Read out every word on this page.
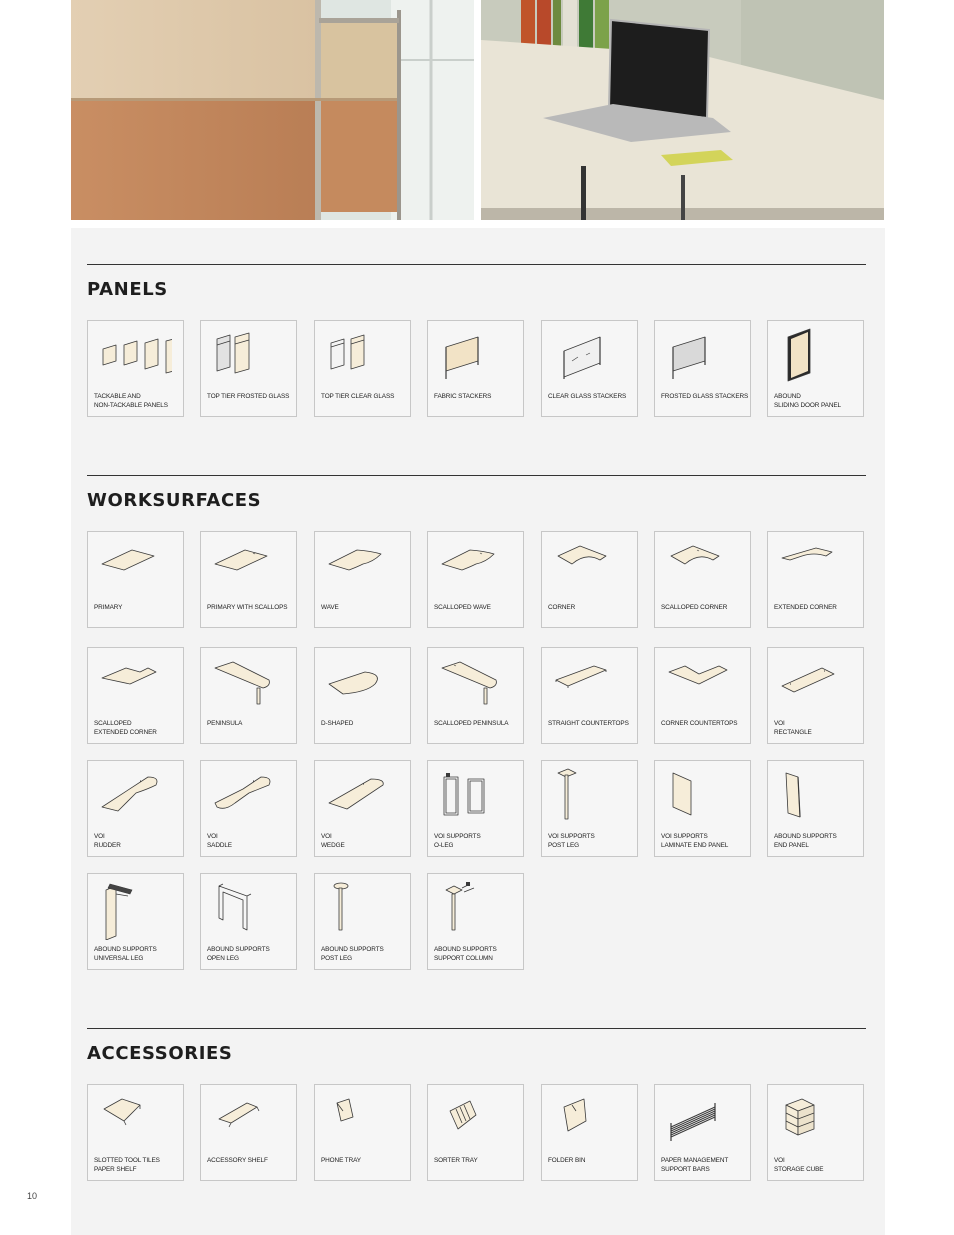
PANELS
TACKABLE AND
NON-TACKABLE PANELS
TOP TIER FROSTED GLASS
	TOP TIER CLEAR GLASS
	FABRIC STACKERS
	CLEAR GLASS STACKERS
	FROSTED GLASS STACKERS
	ABOUND
SLIDING DOOR PANEL
WORKSURFACES
PRIMARY
	PRIMARY WITH SCALLOPS
	WAVE
	SCALLOPED WAVE
	CORNER
	SCALLOPED CORNER
	EXTENDED CORNER

SCALLOPED
EXTENDED CORNER
PENINSULA
	D-SHAPED
	SCALLOPED PENINSULA
	STRAIGHT COUNTERTOPS
	CORNER COUNTERTOPS
	VOI
RECTANGLE
VOI
RUDDER
VOI
SADDLE
VOI
WEDGE
VOI SUPPORTS
O-LEG
VOI SUPPORTS
POST LEG
VOI SUPPORTS
LAMINATE END PANEL
ABOUND SUPPORTS
END PANEL
ABOUND SUPPORTS
UNIVERSAL LEG
ABOUND SUPPORTS
OPEN LEG
ABOUND SUPPORTS
POST LEG
ABOUND SUPPORTS
SUPPORT COLUMN
ACCESSORIES
SLOTTED TOOL TILES
PAPER SHELF
ACCESSORY SHELF
	PHONE TRAY
	SORTER TRAY
	FOLDER BIN
	PAPER MANAGEMENT
SUPPORT BARS
VOI
STORAGE CUBE
10
